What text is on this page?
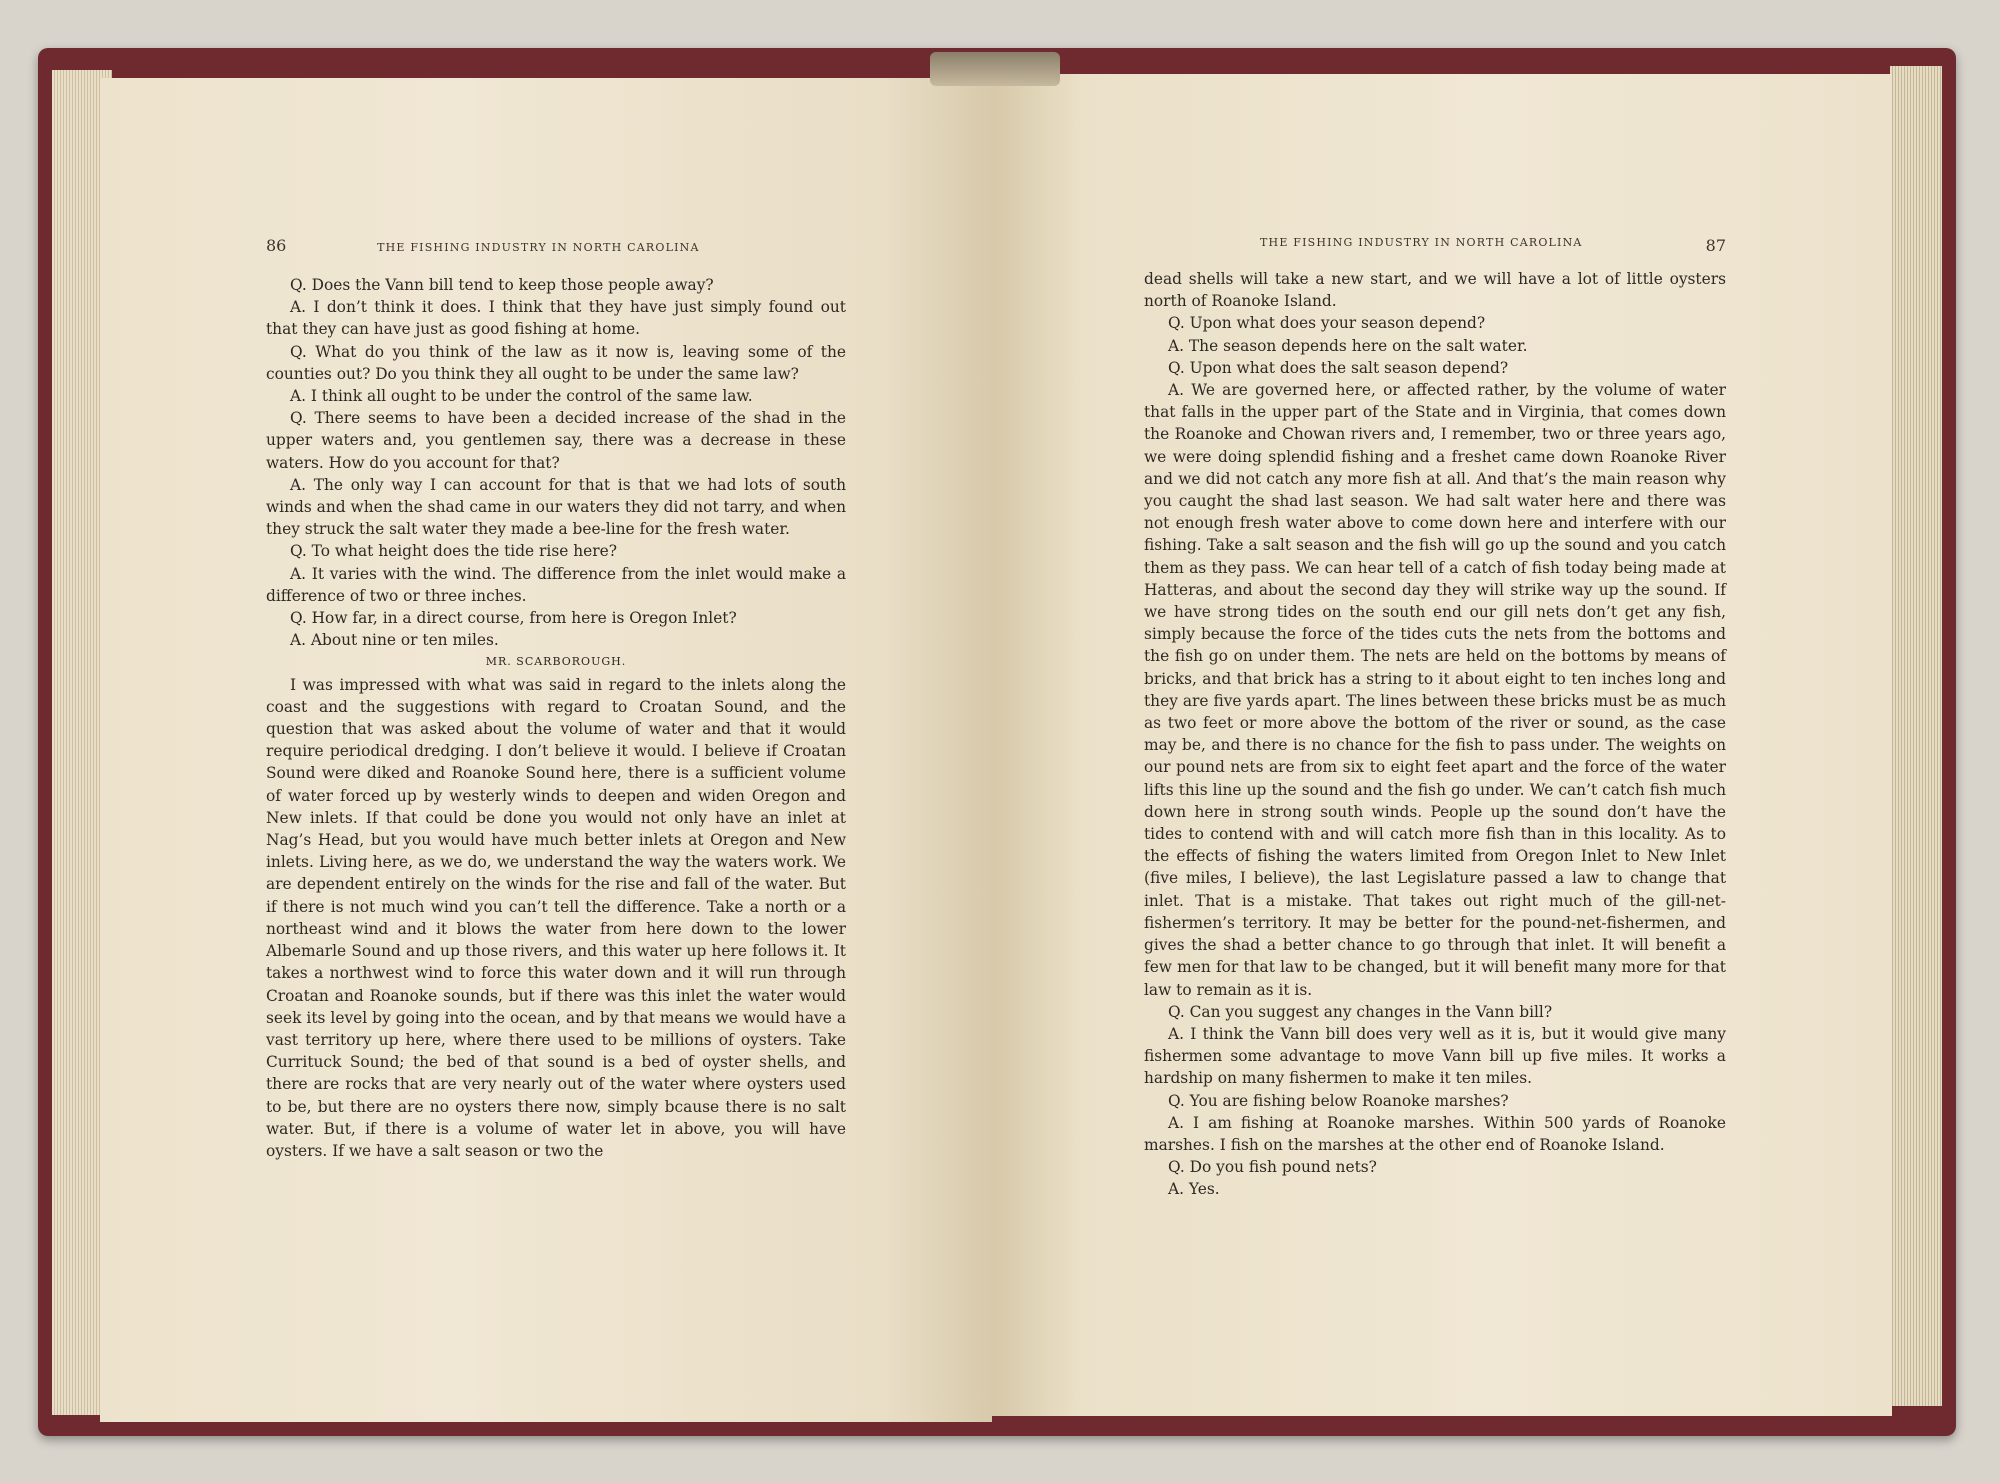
86	THE FISHING INDUSTRY IN NORTH CAROLINA

Q. Does the Vann bill tend to keep those people away?

A. I don’t think it does. I think that they have just simply found out that they can have just as good fishing at home.

Q. What do you think of the law as it now is, leaving some of the counties out? Do you think they all ought to be under the same law?

A. I think all ought to be under the control of the same law.

Q. There seems to have been a decided increase of the shad in the upper waters and, you gentlemen say, there was a decrease in these waters. How do you account for that?

A. The only way I can account for that is that we had lots of south winds and when the shad came in our waters they did not tarry, and when they struck the salt water they made a bee-line for the fresh water.

Q. To what height does the tide rise here?

A. It varies with the wind. The difference from the inlet would make a difference of two or three inches.

Q. How far, in a direct course, from here is Oregon Inlet?

A. About nine or ten miles.

MR. SCARBOROUGH.

I was impressed with what was said in regard to the inlets along the coast and the suggestions with regard to Croatan Sound, and the question that was asked about the volume of water and that it would require periodical dredging. I don’t believe it would. I believe if Croatan Sound were diked and Roanoke Sound here, there is a sufficient volume of water forced up by westerly winds to deepen and widen Oregon and New inlets. If that could be done you would not only have an inlet at Nag’s Head, but you would have much better inlets at Oregon and New inlets. Living here, as we do, we understand the way the waters work. We are dependent entirely on the winds for the rise and fall of the water. But if there is not much wind you can’t tell the difference. Take a north or a northeast wind and it blows the water from here down to the lower Albemarle Sound and up those rivers, and this water up here follows it. It takes a northwest wind to force this water down and it will run through Croatan and Roanoke sounds, but if there was this inlet the water would seek its level by going into the ocean, and by that means we would have a vast territory up here, where there used to be millions of oysters. Take Currituck Sound; the bed of that sound is a bed of oyster shells, and there are rocks that are very nearly out of the water where oysters used to be, but there are no oysters there now, simply bcause there is no salt water. But, if there is a volume of water let in above, you will have oysters. If we have a salt season or two the

THE FISHING INDUSTRY IN NORTH CAROLINA	87

dead shells will take a new start, and we will have a lot of little oysters north of Roanoke Island.

Q. Upon what does your season depend?

A. The season depends here on the salt water.

Q. Upon what does the salt season depend?

A. We are governed here, or affected rather, by the volume of water that falls in the upper part of the State and in Virginia, that comes down the Roanoke and Chowan rivers and, I remember, two or three years ago, we were doing splendid fishing and a freshet came down Roanoke River and we did not catch any more fish at all. And that’s the main reason why you caught the shad last season. We had salt water here and there was not enough fresh water above to come down here and interfere with our fishing. Take a salt season and the fish will go up the sound and you catch them as they pass. We can hear tell of a catch of fish today being made at Hatteras, and about the second day they will strike way up the sound. If we have strong tides on the south end our gill nets don’t get any fish, simply because the force of the tides cuts the nets from the bottoms and the fish go on under them. The nets are held on the bottoms by means of bricks, and that brick has a string to it about eight to ten inches long and they are five yards apart. The lines between these bricks must be as much as two feet or more above the bottom of the river or sound, as the case may be, and there is no chance for the fish to pass under. The weights on our pound nets are from six to eight feet apart and the force of the water lifts this line up the sound and the fish go under. We can’t catch fish much down here in strong south winds. People up the sound don’t have the tides to contend with and will catch more fish than in this locality. As to the effects of fishing the waters limited from Oregon Inlet to New Inlet (five miles, I believe), the last Legislature passed a law to change that inlet. That is a mistake. That takes out right much of the gill-net-fishermen’s territory. It may be better for the pound-net-fishermen, and gives the shad a better chance to go through that inlet. It will benefit a few men for that law to be changed, but it will benefit many more for that law to remain as it is.

Q. Can you suggest any changes in the Vann bill?

A. I think the Vann bill does very well as it is, but it would give many fishermen some advantage to move Vann bill up five miles. It works a hardship on many fishermen to make it ten miles.

Q. You are fishing below Roanoke marshes?

A. I am fishing at Roanoke marshes. Within 500 yards of Roanoke marshes. I fish on the marshes at the other end of Roanoke Island.

Q. Do you fish pound nets?

A. Yes.
